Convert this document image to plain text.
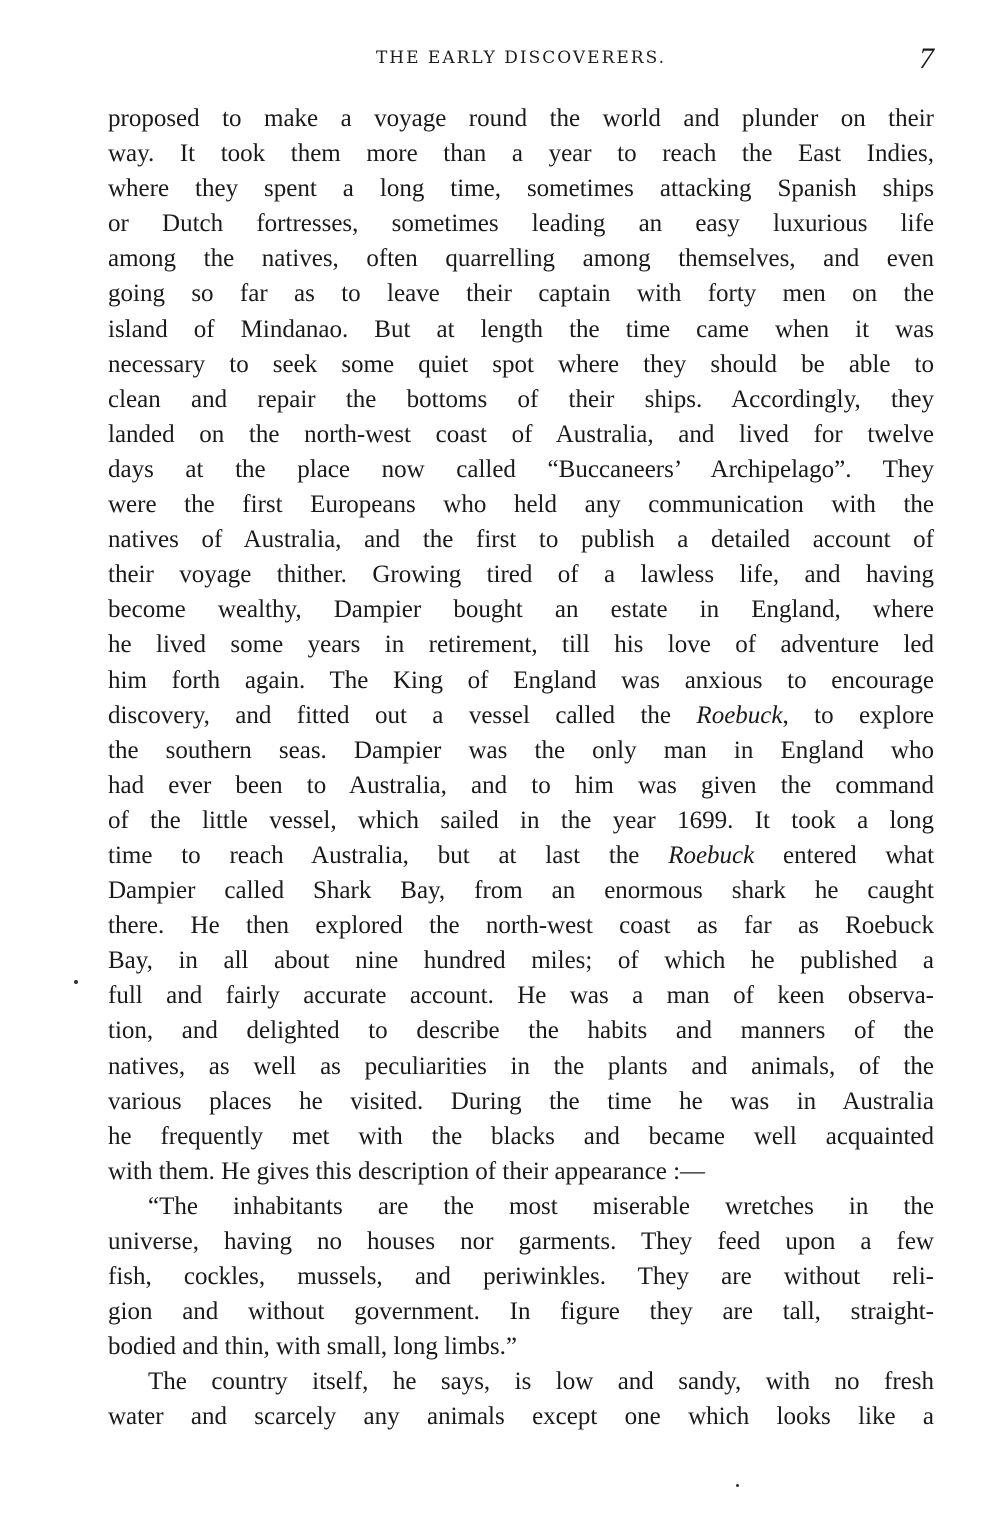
THE EARLY DISCOVERERS.	7
proposed to make a voyage round the world and plunder on their
way. It took them more than a year to reach the East Indies,
where they spent a long time, sometimes attacking Spanish ships
or Dutch fortresses, sometimes leading an easy luxurious life
among the natives, often quarrelling among themselves, and even
going so far as to leave their captain with forty men on the
island of Mindanao. But at length the time came when it was
necessary to seek some quiet spot where they should be able to
clean and repair the bottoms of their ships. Accordingly, they
landed on the north-west coast of Australia, and lived for twelve
days at the place now called “Buccaneers’ Archipelago”. They
were the first Europeans who held any communication with the
natives of Australia, and the first to publish a detailed account of
their voyage thither. Growing tired of a lawless life, and having
become wealthy, Dampier bought an estate in England, where
he lived some years in retirement, till his love of adventure led
him forth again. The King of England was anxious to encourage
discovery, and fitted out a vessel called the Roebuck, to explore
the southern seas. Dampier was the only man in England who
had ever been to Australia, and to him was given the command
of the little vessel, which sailed in the year 1699. It took a long
time to reach Australia, but at last the Roebuck entered what
Dampier called Shark Bay, from an enormous shark he caught
there. He then explored the north-west coast as far as Roebuck
Bay, in all about nine hundred miles; of which he published a
full and fairly accurate account. He was a man of keen observa-
tion, and delighted to describe the habits and manners of the
natives, as well as peculiarities in the plants and animals, of the
various places he visited. During the time he was in Australia
he frequently met with the blacks and became well acquainted
with them. He gives this description of their appearance :—
“The inhabitants are the most miserable wretches in the
universe, having no houses nor garments. They feed upon a few
fish, cockles, mussels, and periwinkles. They are without reli-
gion and without government. In figure they are tall, straight-
bodied and thin, with small, long limbs.”
The country itself, he says, is low and sandy, with no fresh
water and scarcely any animals except one which looks like a
